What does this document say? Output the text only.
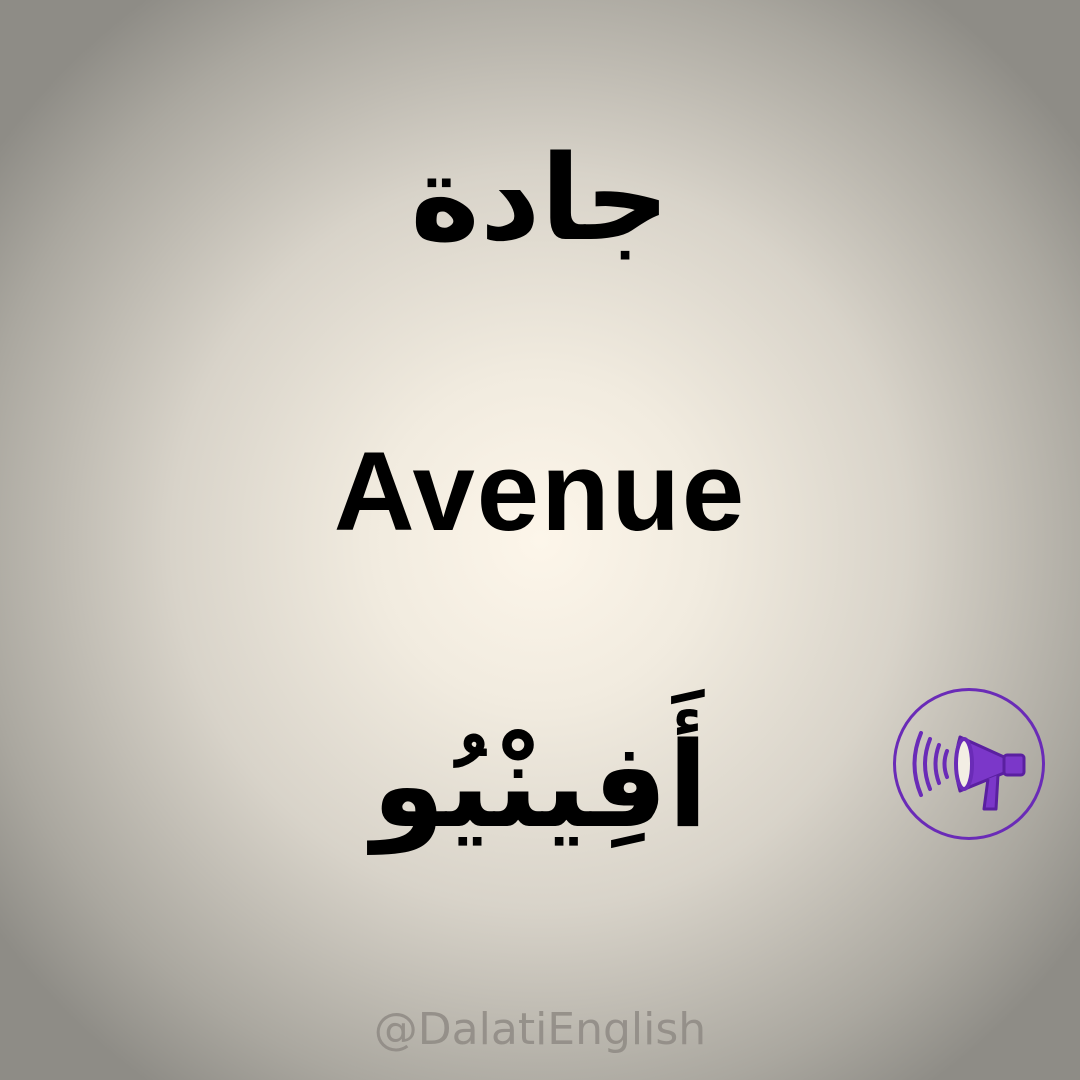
جادة
Avenue
أَفِينْيُو
@DalatiEnglish
